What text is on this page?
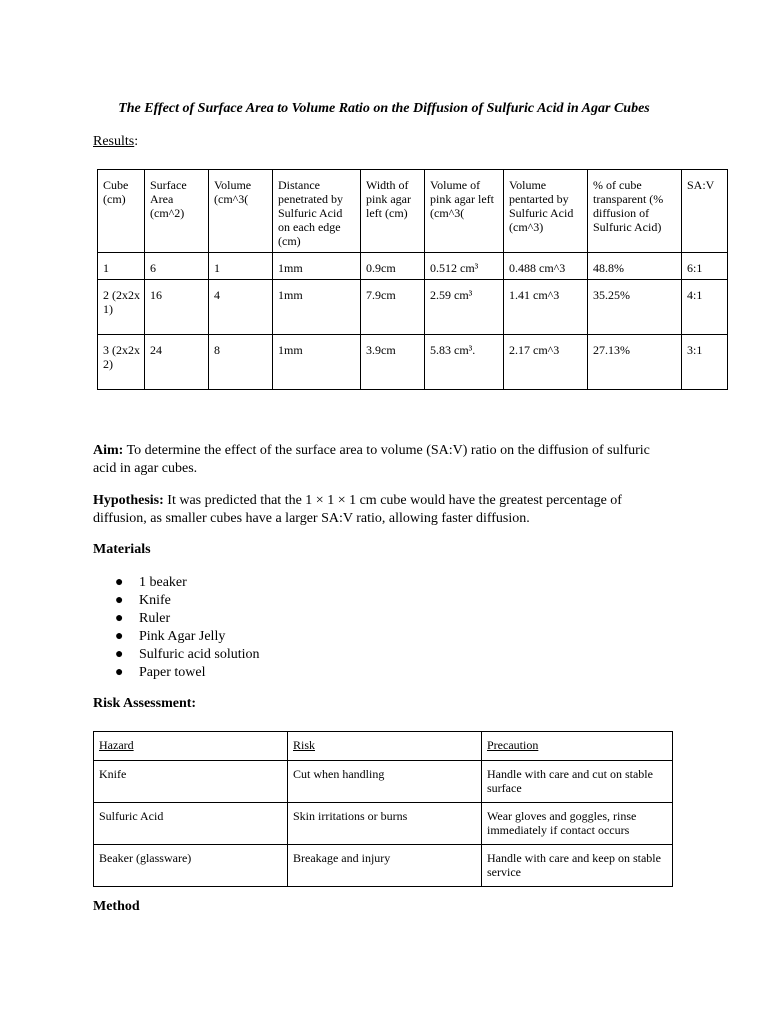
The Effect of Surface Area to Volume Ratio on the Diffusion of Sulfuric Acid in Agar Cubes
Results:
Cube (cm)	Surface Area (cm^2)	Volume (cm^3(	Distance penetrated by Sulfuric Acid on each edge (cm)	Width of pink agar left (cm)	Volume of pink agar left (cm^3(	Volume pentarted by Sulfuric Acid (cm^3)	% of cube transparent (% diffusion of Sulfuric Acid)	SA:V
1	6	1	1mm	0.9cm	0.512 cm³	0.488 cm^3	48.8%	6:1
2 (2x2x 1)	16	4	1mm	7.9cm	2.59 cm³	1.41 cm^3	35.25%	4:1
3 (2x2x 2)	24	8	1mm	3.9cm	5.83 cm³.	2.17 cm^3	27.13%	3:1

Aim: To determine the effect of the surface area to volume (SA:V) ratio on the diffusion of sulfuric acid in agar cubes.

Hypothesis: It was predicted that the 1 × 1 × 1 cm cube would have the greatest percentage of diffusion, as smaller cubes have a larger SA:V ratio, allowing faster diffusion.

Materials
● 1 beaker
● Knife
● Ruler
● Pink Agar Jelly
● Sulfuric acid solution
● Paper towel
Risk Assessment:
Hazard	Risk	Precaution
Knife	Cut when handling	Handle with care and cut on stable surface
Sulfuric Acid	Skin irritations or burns	Wear gloves and goggles, rinse immediately if contact occurs
Beaker (glassware)	Breakage and injury	Handle with care and keep on stable service
Method
